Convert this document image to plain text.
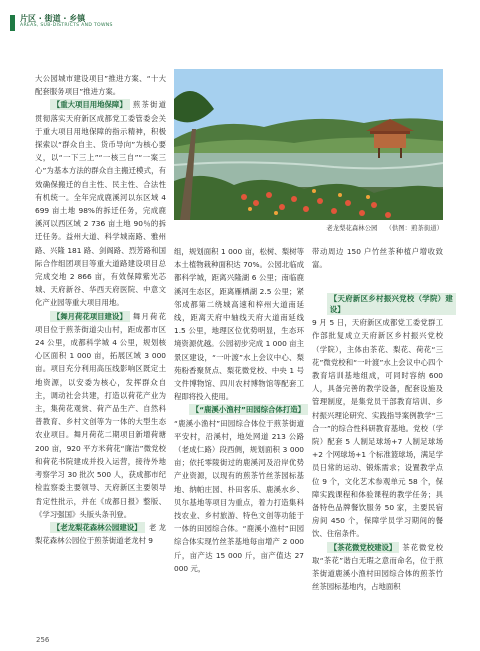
片区 · 街道 · 乡镇
AREAS, SUB-DISTRICTS AND TOWNS

大公园城市建设项目”推进方案、“十大配套服务项目”推进方案。

【重大项目用地保障】 煎茶街道贯彻落实天府新区成都党工委管委会关于重大项目用地保障的指示精神，积极探索以“群众自主、货币导向”为核心要义，以“一下三上”“一核三自”“一案三心”为基本方法的群众自主搬迁模式，有效确保搬迁的自主性、民主性、合法性有机统一。全年完成鹿溪河以东区域 4 699 亩土地 98%的拆迁任务，完成鹿溪河以西区域 2 736 亩土地 90％的拆迁任务。益州大道、科学城南路、雅州路、兴隆 181 路、剑阁路、烈芳路和国际合作组团项目等重大道路建设项目总完成交地 2 866 亩，有效保障紫光芯城、天府新谷、华西天府医院、中意文化产业园等重大项目用地。

【舞月荷花项目建设】 舞月荷花项目位于煎茶街道尖山村，距成都市区 24 公里，成都科学城 4 公里，规划核心区面积 1 000 亩，拓展区域 3 000 亩。项目充分利用高压线影响区既定土地资源，以安委为核心，发挥群众自主，调动社会共建，打造以荷花产业为主，集荷花观赏、荷产品生产、自然科普教育、乡村文创等为一体的大型生态农业项目。舞月荷花二期项目新增荷塘 200 亩，920 平方米荷花“廉洁”微党校和荷花书院建成并投入运营，接待外地考察学习 30 批次 500 人，获成都市纪检监察委主要领导、天府新区主要领导肯定性批示，并在《成都日报》整版、《学习强国》头版头条刊登。

【老龙梨花森林公园建设】 老龙梨花森林公园位于煎茶街道老龙村 9

老龙梨花森林公园 （供图：煎茶街道）

组，规划面积 1 000 亩，松树、梨树等本土植物栽种面积达 70%。公园北临成都科学城，距离兴隆湖 6 公里；南临鹿溪河生态区，距离雁栖湖 2.5 公里；紧邻成都第二绕城高速和梓州大道南延线，距离天府中轴线天府大道南延线 1.5 公里，地理区位优势明显，生态环境资源优越。公园初步完成 1 000 亩主景区建设，“一叶渡”水上会议中心、梨苑粉香聚贤点、梨花微党校、中央 1 号文件博物馆、四川农村博物馆等配套工程即将投入使用。

【“鹿溪小渔村”田园综合体打造】“鹿溪小渔村”田园综合体位于煎茶街道平安村，沿溪村，地处网道 213 公路（老成仁路）段西侧，规划面积 3 000 亩；依托零陵街过的鹿溪河及沿岸优势产业资源，以现有的煎茶竹丝茶园标基地、纳帕庄园、朴田客乐、鹿溪水乡、贝尔基地等项目为重点，着力打造集科技农业、乡村旅游、特色文创等功能于一体的田园综合体。“鹿溪小渔村”田园综合体实现竹丝茶基地每亩增产 2 000 斤，亩产达 15 000 斤，亩产值达 27 000 元，

带动周边 150 户竹丝茶种植户增收致富。

【天府新区乡村振兴党校（学院）建设】9 月 5 日，天府新区成都党工委党群工作部批复成立天府新区乡村振兴党校（学院），主体由茶花、梨花、荷花“三花”微党校和“一叶渡”水上会议中心四个教育培训基地组成，可同时容纳 600 人，具备完善的教学设备，配套设施及管理制度，是集党员干部教育培训、乡村振兴理论研究、实践指导案例教学“三合一”的综合性科研教育基地。党校（学院）配套 5 人制足球场+7 人制足球场+2 个网球场+1 个标准篮球场，满足学员日常的运动、锻炼需求；设置教学点位 9 个，文化艺术参观单元 58 个，保障实践课程和体验课程的教学任务；具备特色品牌餐饮服务 50 家，主要民宿房间 450 个，保障学员学习期间的餐饮、住宿条件。

【茶花微党校建设】 茶花微党校取“茶花”谐白无瑕之意而命名，位于煎茶街道鹿溪小渔村田园综合体的煎茶竹丝茶园标基地内，占地面积

256
